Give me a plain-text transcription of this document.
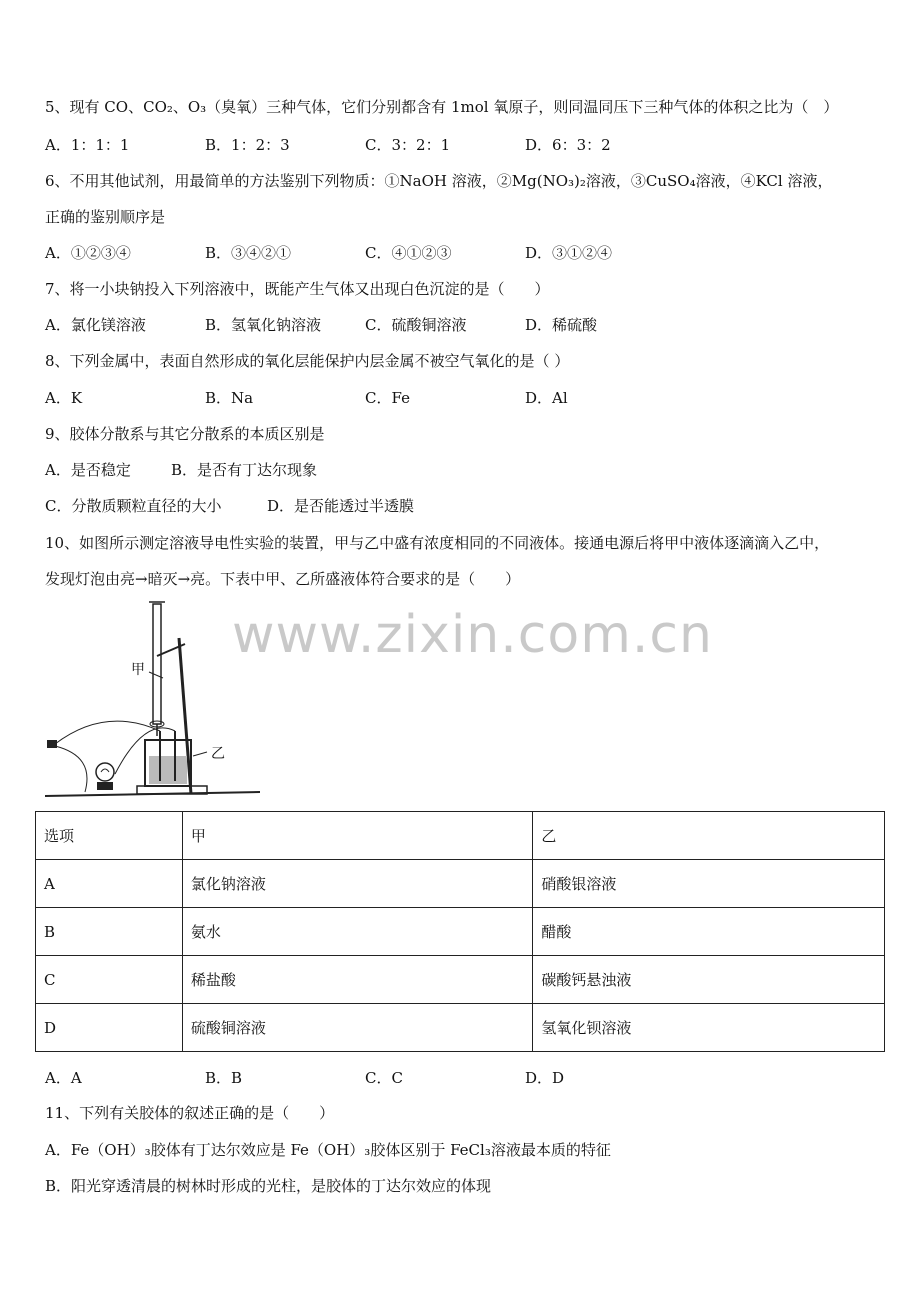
5、现有 CO、CO₂、O₃（臭氧）三种气体，它们分别都含有 1mol 氧原子，则同温同压下三种气体的体积之比为（　）
A．1：1：1	B．1：2：3	C．3：2：1	D．6：3：2
6、不用其他试剂，用最简单的方法鉴别下列物质：①NaOH 溶液，②Mg(NO₃)₂溶液，③CuSO₄溶液，④KCl 溶液，
正确的鉴别顺序是
A．①②③④	B．③④②①	C．④①②③	D．③①②④
7、将一小块钠投入下列溶液中，既能产生气体又出现白色沉淀的是（　　）
A．氯化镁溶液	B．氢氧化钠溶液	C．硫酸铜溶液	D．稀硫酸
8、下列金属中，表面自然形成的氧化层能保护内层金属不被空气氧化的是（ ）
A．K	B．Na	C．Fe	D．Al
9、胶体分散系与其它分散系的本质区别是
A．是否稳定	B．是否有丁达尔现象
C．分散质颗粒直径的大小	D．是否能透过半透膜
10、如图所示测定溶液导电性实验的装置，甲与乙中盛有浓度相同的不同液体。接通电源后将甲中液体逐滴滴入乙中，
发现灯泡由亮→暗灭→亮。下表中甲、乙所盛液体符合要求的是（　　）
www.zixin.com.cn
甲
乙
选项	甲	乙
A	氯化钠溶液	硝酸银溶液
B	氨水	醋酸
C	稀盐酸	碳酸钙悬浊液
D	硫酸铜溶液	氢氧化钡溶液
A．A	B．B	C．C	D．D
11、下列有关胶体的叙述正确的是（　　）
A．Fe（OH）₃胶体有丁达尔效应是 Fe（OH）₃胶体区别于 FeCl₃溶液最本质的特征
B．阳光穿透清晨的树林时形成的光柱，是胶体的丁达尔效应的体现
